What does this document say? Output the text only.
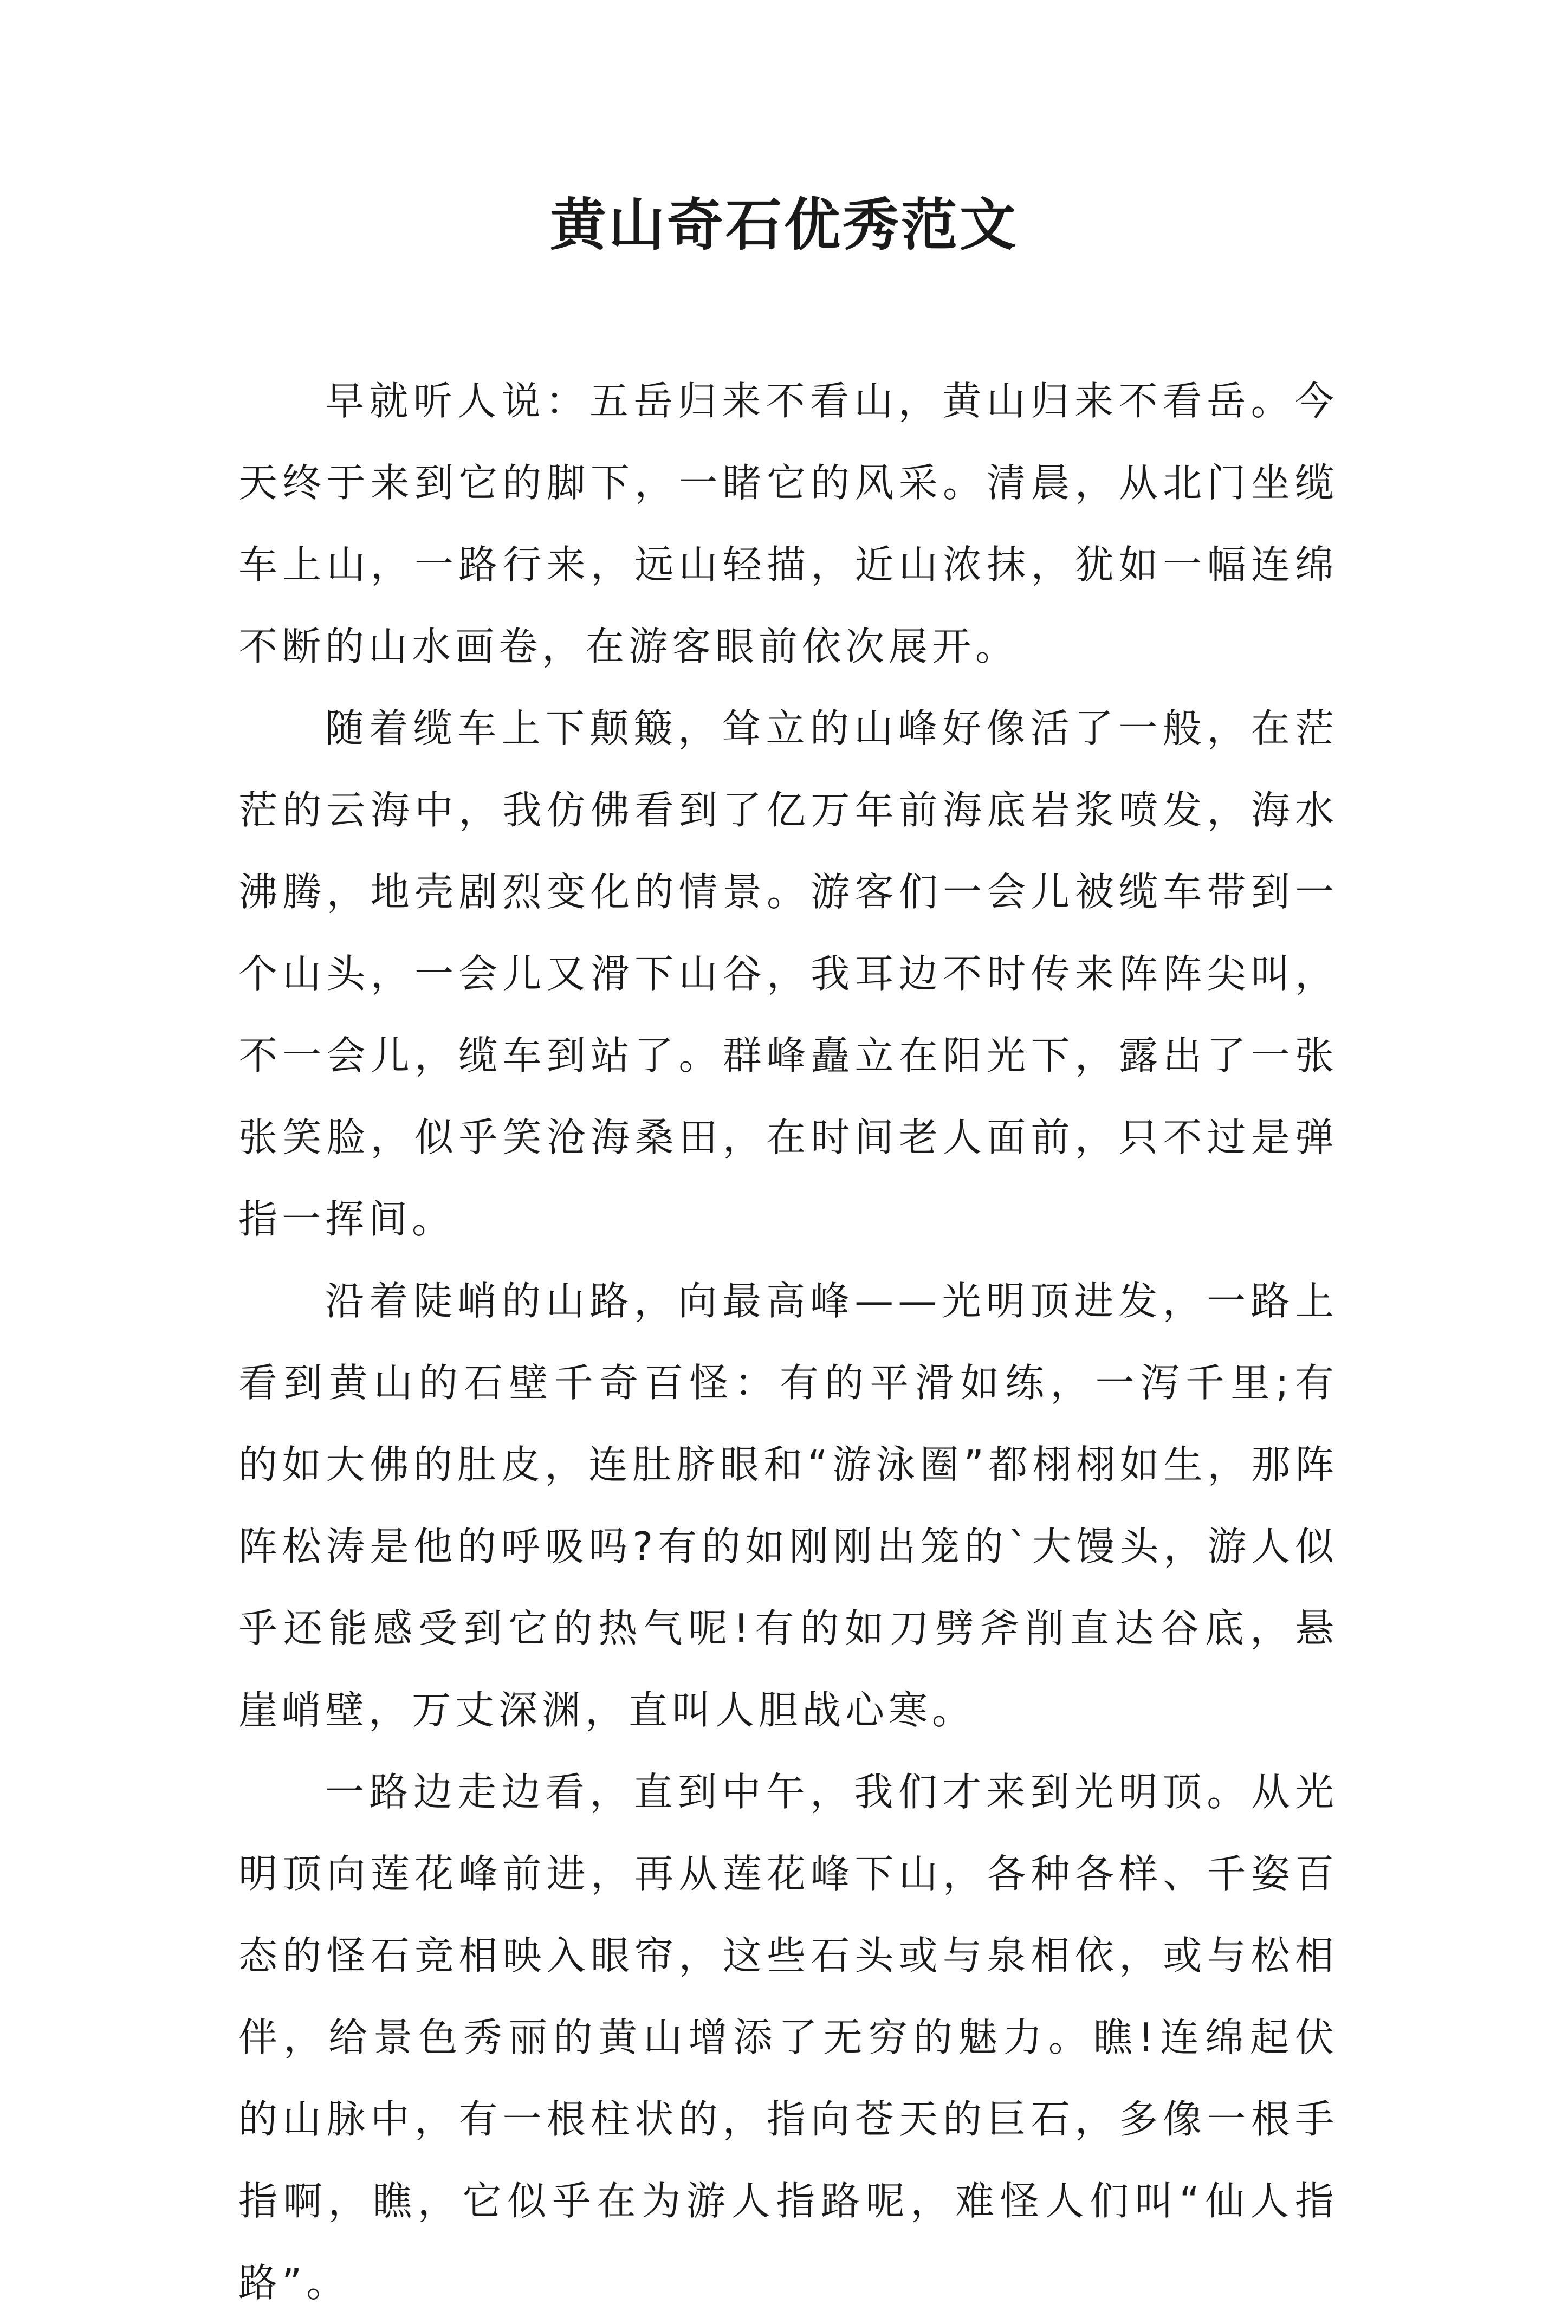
黄山奇石优秀范文

早就听人说：五岳归来不看山，黄山归来不看岳。今天终于来到它的脚下，一睹它的风采。清晨，从北门坐缆车上山，一路行来，远山轻描，近山浓抹，犹如一幅连绵不断的山水画卷，在游客眼前依次展开。

随着缆车上下颠簸，耸立的山峰好像活了一般，在茫茫的云海中，我仿佛看到了亿万年前海底岩浆喷发，海水沸腾，地壳剧烈变化的情景。游客们一会儿被缆车带到一个山头，一会儿又滑下山谷，我耳边不时传来阵阵尖叫，不一会儿，缆车到站了。群峰矗立在阳光下，露出了一张张笑脸，似乎笑沧海桑田，在时间老人面前，只不过是弹指一挥间。

沿着陡峭的山路，向最高峰——光明顶进发，一路上看到黄山的石壁千奇百怪：有的平滑如练，一泻千里;有的如大佛的肚皮，连肚脐眼和“游泳圈”都栩栩如生，那阵阵松涛是他的呼吸吗?有的如刚刚出笼的`大馒头，游人似乎还能感受到它的热气呢!有的如刀劈斧削直达谷底，悬崖峭壁，万丈深渊，直叫人胆战心寒。

一路边走边看，直到中午，我们才来到光明顶。从光明顶向莲花峰前进，再从莲花峰下山，各种各样、千姿百态的怪石竞相映入眼帘，这些石头或与泉相依，或与松相伴，给景色秀丽的黄山增添了无穷的魅力。瞧!连绵起伏的山脉中，有一根柱状的，指向苍天的巨石，多像一根手指啊，瞧，它似乎在为游人指路呢，难怪人们叫“仙人指路”。
